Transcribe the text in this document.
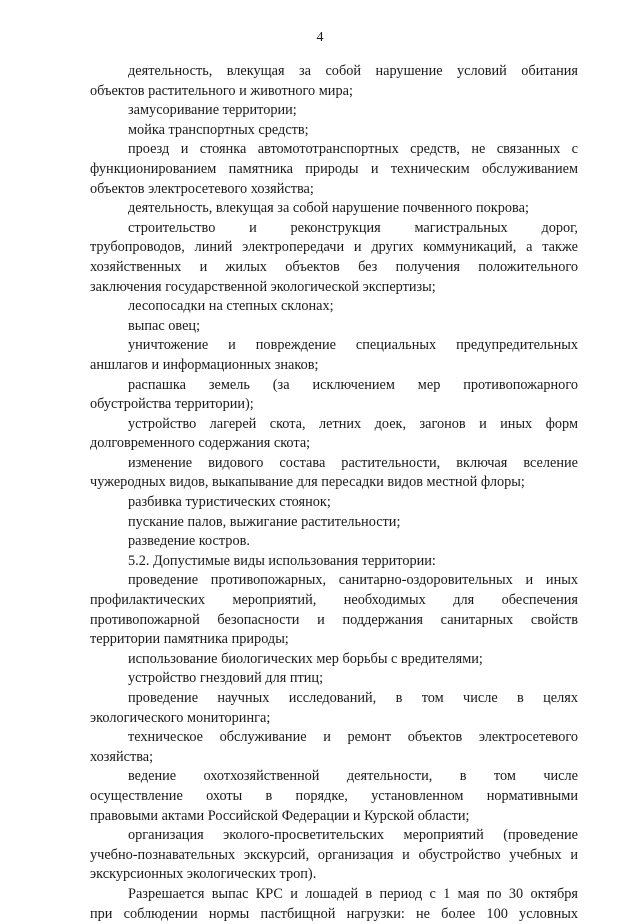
4
деятельность, влекущая за собой нарушение условий обитания
объектов растительного и животного мира;
замусоривание территории;
мойка транспортных средств;
проезд и стоянка автомототранспортных средств, не связанных с
функционированием памятника природы и техническим обслуживанием
объектов электросетевого хозяйства;
деятельность, влекущая за собой нарушение почвенного покрова;
строительство и реконструкция магистральных дорог,
трубопроводов, линий электропередачи и других коммуникаций, а также
хозяйственных и жилых объектов без получения положительного
заключения государственной экологической экспертизы;
лесопосадки на степных склонах;
выпас овец;
уничтожение и повреждение специальных предупредительных
аншлагов и информационных знаков;
распашка земель (за исключением мер противопожарного
обустройства территории);
устройство лагерей скота, летних доек, загонов и иных форм
долговременного содержания скота;
изменение видового состава растительности, включая вселение
чужеродных видов, выкапывание для пересадки видов местной флоры;
разбивка туристических стоянок;
пускание палов, выжигание растительности;
разведение костров.
5.2. Допустимые виды использования территории:
проведение противопожарных, санитарно-оздоровительных и иных
профилактических мероприятий, необходимых для обеспечения
противопожарной безопасности и поддержания санитарных свойств
территории памятника природы;
использование биологических мер борьбы с вредителями;
устройство гнездовий для птиц;
проведение научных исследований, в том числе в целях
экологического мониторинга;
техническое обслуживание и ремонт объектов электросетевого
хозяйства;
ведение охотхозяйственной деятельности, в том числе
осуществление охоты в порядке, установленном нормативными
правовыми актами Российской Федерации и Курской области;
организация эколого-просветительских мероприятий (проведение
учебно-познавательных экскурсий, организация и обустройство учебных и
экскурсионных экологических троп).
Разрешается выпас КРС и лошадей в период с 1 мая по 30 октября
при соблюдении нормы пастбищной нагрузки: не более 100 условных
